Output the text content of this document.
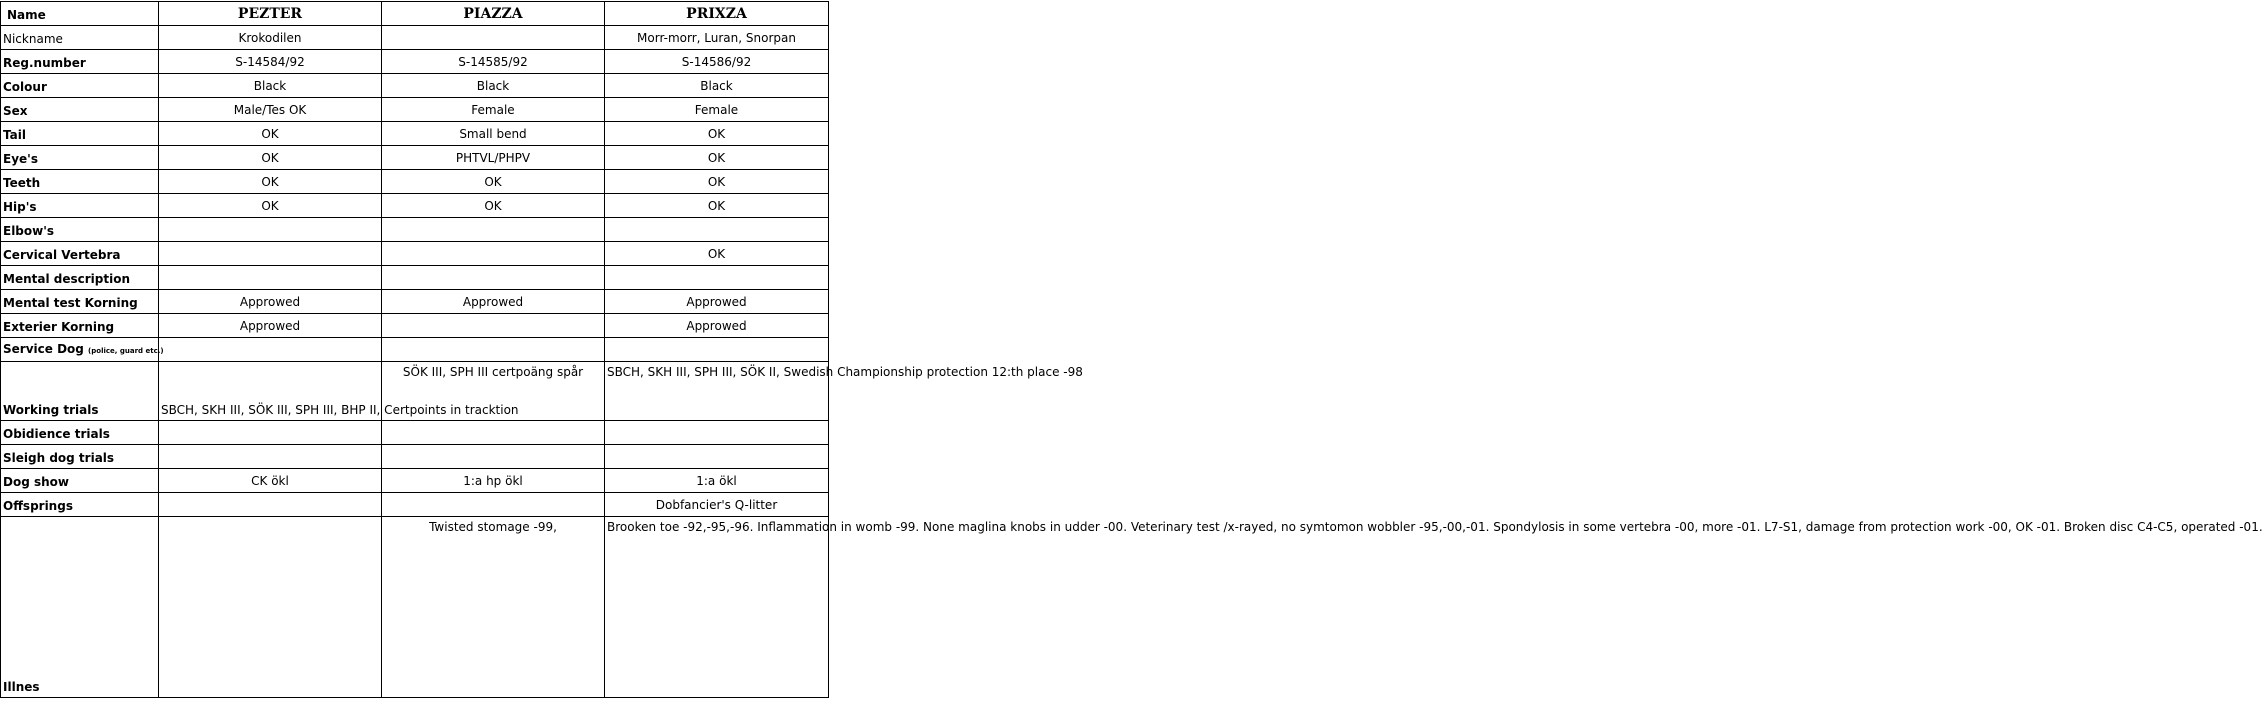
Name	PEZTER	PIAZZA	PRIXZA
Nickname	Krokodilen		Morr-morr, Luran, Snorpan
Reg.number	S-14584/92	S-14585/92	S-14586/92
Colour	Black	Black	Black
Sex	Male/Tes OK	Female	Female
Tail	OK	Small bend	OK
Eye's	OK	PHTVL/PHPV	OK
Teeth	OK	OK	OK
Hip's	OK	OK	OK
Elbow's			
Cervical Vertebra			OK
Mental description			
Mental test Korning	Approwed	Approwed	Approwed
Exterier Korning	Approwed		Approwed
Service Dog (police, guard etc.)			
Working trials	SBCH, SKH III, SÖK III, SPH III, BHP II, Certpoints in tracktion	SÖK III, SPH III certpoäng spår	SBCH, SKH III, SPH III, SÖK II, Swedish Championship protection 12:th place -98
Obidience trials			
Sleigh dog trials			
Dog show	CK ökl	1:a hp ökl	1:a ökl
Offsprings			Dobfancier's Q-litter
Illnes		Twisted stomage -99,	Brooken toe -92,-95,-96. Inflammation in womb -99. None maglina knobs in udder -00. Veterinary test /x-rayed, no symtomon wobbler -95,-00,-01. Spondylosis in some vertebra -00, more -01. L7-S1, damage from protection work -00, OK -01. Broken disc C4-C5, operated -01.
